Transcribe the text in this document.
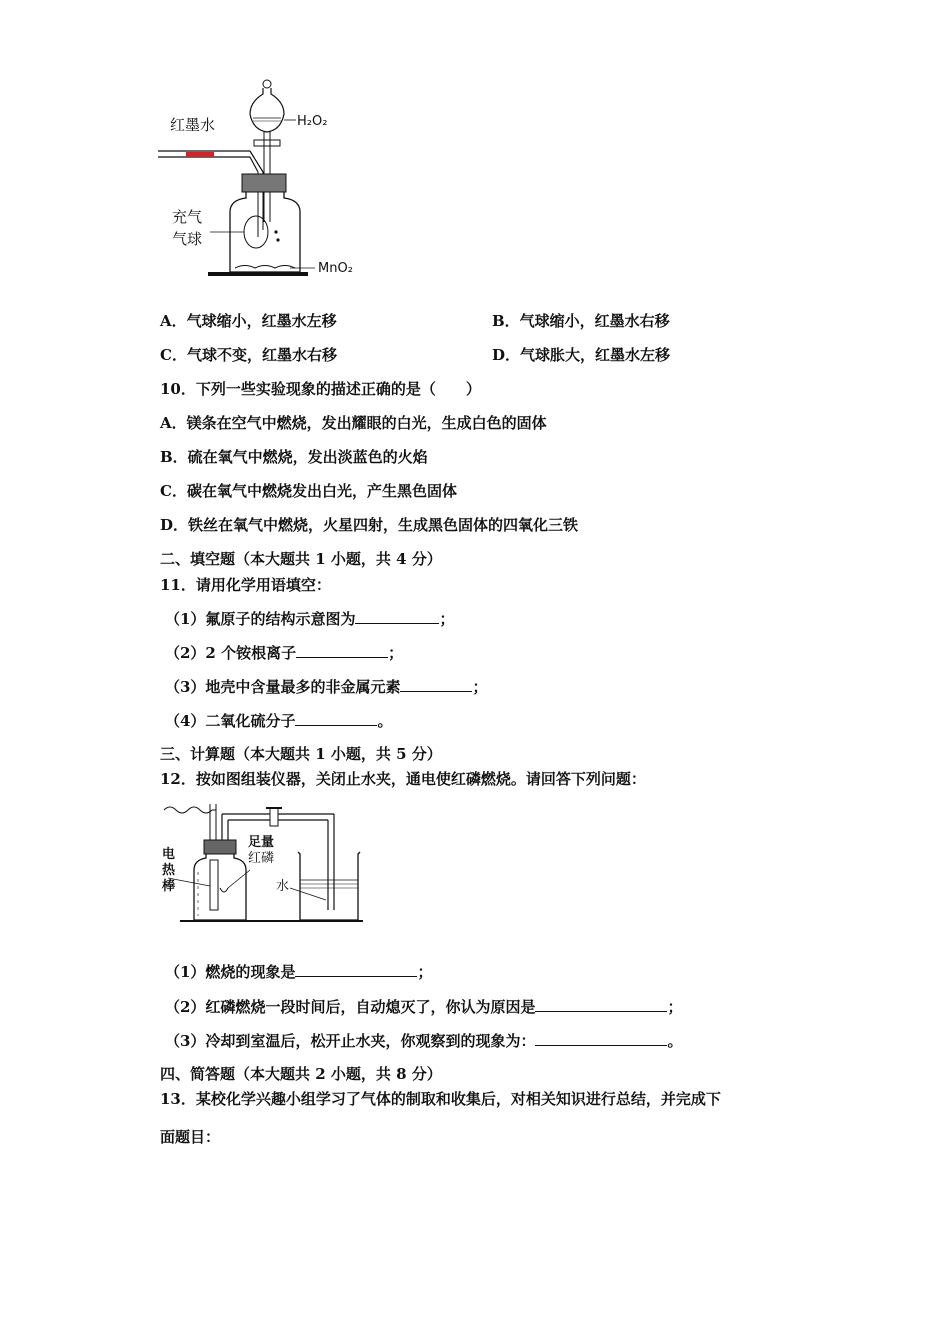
红墨水	H₂O₂
充气
气球
MnO₂
A．气球缩小，红墨水左移	B．气球缩小，红墨水右移
C．气球不变，红墨水右移	D．气球胀大，红墨水左移
10．下列一些实验现象的描述正确的是（　　）
A．镁条在空气中燃烧，发出耀眼的白光，生成白色的固体
B．硫在氧气中燃烧，发出淡蓝色的火焰
C．碳在氧气中燃烧发出白光，产生黑色固体
D．铁丝在氧气中燃烧，火星四射，生成黑色固体的四氧化三铁
二、填空题（本大题共 1 小题，共 4 分）
11．请用化学用语填空：
（1）氟原子的结构示意图为	；
（2）2 个铵根离子	；
（3）地壳中含量最多的非金属元素	；
（4）二氧化硫分子	。
三、计算题（本大题共 1 小题，共 5 分）
12．按如图组装仪器，关闭止水夹，通电使红磷燃烧。请回答下列问题：
电
热
棒
足量
红磷
水
（1）燃烧的现象是	；
（2）红磷燃烧一段时间后，自动熄灭了，你认为原因是	；
（3）冷却到室温后，松开止水夹，你观察到的现象为：	。
四、简答题（本大题共 2 小题，共 8 分）
13．某校化学兴趣小组学习了气体的制取和收集后，对相关知识进行总结，并完成下
面题目：
